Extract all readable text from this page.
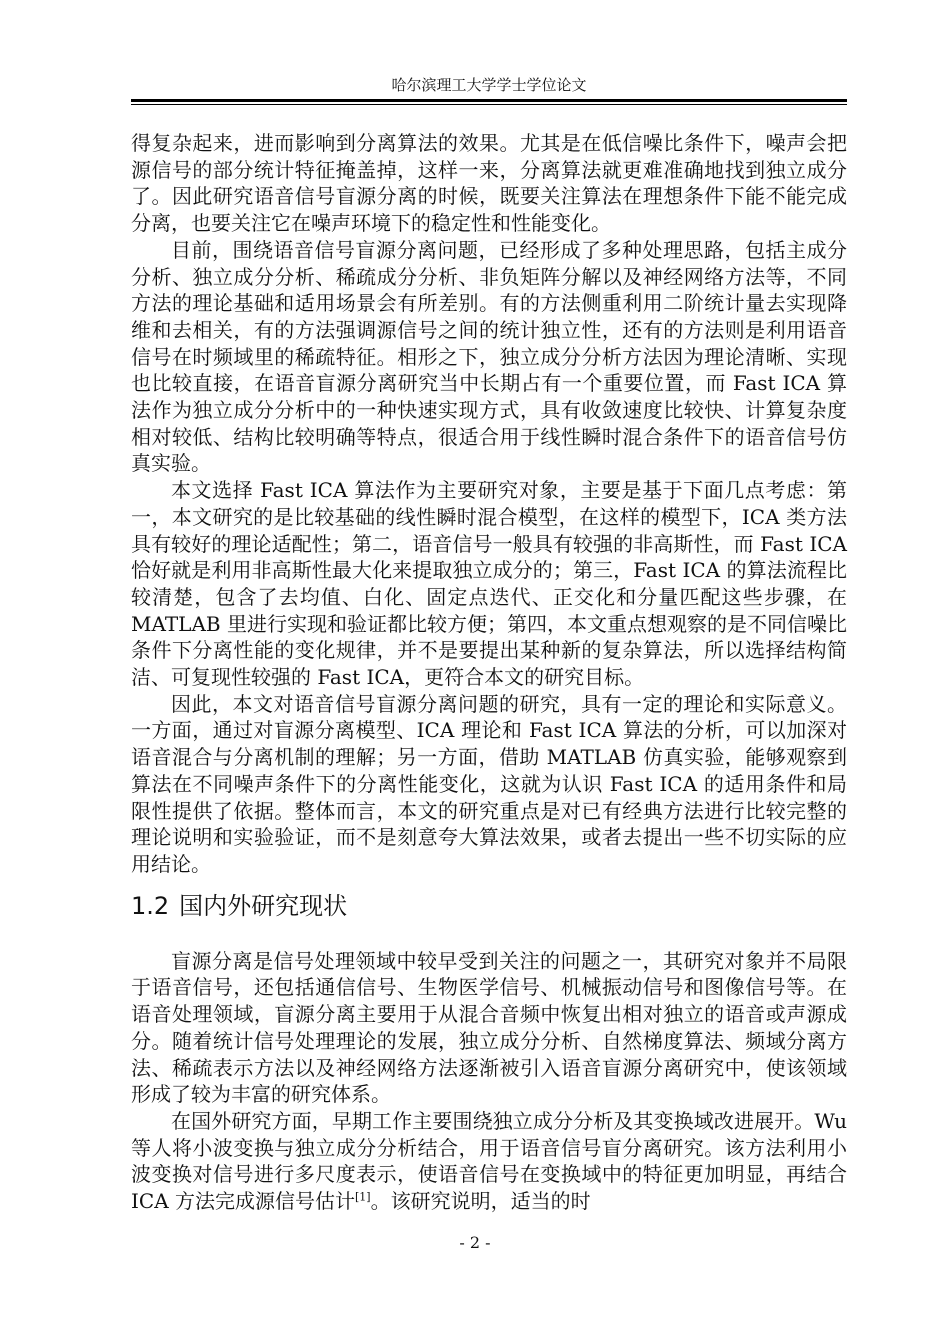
哈尔滨理工大学学士学位论文

得复杂起来，进而影响到分离算法的效果。尤其是在低信噪比条件下，噪声会把源信号的部分统计特征掩盖掉，这样一来，分离算法就更难准确地找到独立成分了。因此研究语音信号盲源分离的时候，既要关注算法在理想条件下能不能完成分离，也要关注它在噪声环境下的稳定性和性能变化。

目前，围绕语音信号盲源分离问题，已经形成了多种处理思路，包括主成分分析、独立成分分析、稀疏成分分析、非负矩阵分解以及神经网络方法等，不同方法的理论基础和适用场景会有所差别。有的方法侧重利用二阶统计量去实现降维和去相关，有的方法强调源信号之间的统计独立性，还有的方法则是利用语音信号在时频域里的稀疏特征。相形之下，独立成分分析方法因为理论清晰、实现也比较直接，在语音盲源分离研究当中长期占有一个重要位置，而 Fast ICA 算法作为独立成分分析中的一种快速实现方式，具有收敛速度比较快、计算复杂度相对较低、结构比较明确等特点，很适合用于线性瞬时混合条件下的语音信号仿真实验。

本文选择 Fast ICA 算法作为主要研究对象，主要是基于下面几点考虑：第一，本文研究的是比较基础的线性瞬时混合模型，在这样的模型下，ICA 类方法具有较好的理论适配性；第二，语音信号一般具有较强的非高斯性，而 Fast ICA 恰好就是利用非高斯性最大化来提取独立成分的；第三，Fast ICA 的算法流程比较清楚，包含了去均值、白化、固定点迭代、正交化和分量匹配这些步骤，在 MATLAB 里进行实现和验证都比较方便；第四，本文重点想观察的是不同信噪比条件下分离性能的变化规律，并不是要提出某种新的复杂算法，所以选择结构简洁、可复现性较强的 Fast ICA，更符合本文的研究目标。

因此，本文对语音信号盲源分离问题的研究，具有一定的理论和实际意义。一方面，通过对盲源分离模型、ICA 理论和 Fast ICA 算法的分析，可以加深对语音混合与分离机制的理解；另一方面，借助 MATLAB 仿真实验，能够观察到算法在不同噪声条件下的分离性能变化，这就为认识 Fast ICA 的适用条件和局限性提供了依据。整体而言，本文的研究重点是对已有经典方法进行比较完整的理论说明和实验验证，而不是刻意夸大算法效果，或者去提出一些不切实际的应用结论。

1.2 国内外研究现状

盲源分离是信号处理领域中较早受到关注的问题之一，其研究对象并不局限于语音信号，还包括通信信号、生物医学信号、机械振动信号和图像信号等。在语音处理领域，盲源分离主要用于从混合音频中恢复出相对独立的语音或声源成分。随着统计信号处理理论的发展，独立成分分析、自然梯度算法、频域分离方法、稀疏表示方法以及神经网络方法逐渐被引入语音盲源分离研究中，使该领域形成了较为丰富的研究体系。

在国外研究方面，早期工作主要围绕独立成分分析及其变换域改进展开。Wu 等人将小波变换与独立成分分析结合，用于语音信号盲分离研究。该方法利用小波变换对信号进行多尺度表示，使语音信号在变换域中的特征更加明显，再结合 ICA 方法完成源信号估计[1]。该研究说明，适当的时

- 2 -
